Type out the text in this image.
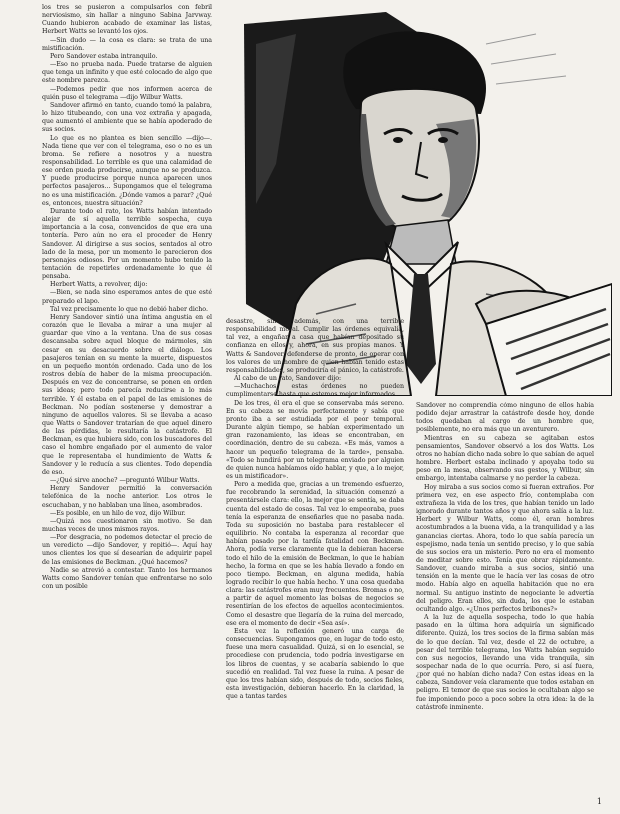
los tres se pusieron a compulsarlos con febril nerviosismo, sin hallar a ninguno Sabina Jarvway. Cuando hubieron acabado de examinar las listas, Herbert Watts se levantó los ojos.

—Sin dudo — la cosa es clara: se trata de una mistificación.

Pero Sandover estaba intranquilo.

—Eso no prueba nada. Puede tratarse de alguien que tenga un infinito y que esté colocado de algo que este nombre parezca.

—Podemos pedir que nos informen acerca de quién puso el telegrama —dijo Wilbur Watts.

Sandover afirmó en tanto, cuando tomó la palabra, lo hizo titubeando, con una voz extraña y apagada, que aumentó el ambiente que se había apoderado de sus socios.

Lo que es no plantea es bien sencillo —dijo—. Nada tiene que ver con el telegrama, eso o no es un broma. Se refiere a nosotros y a nuestra responsabilidad. Lo terrible es que una calamidad de ese orden pueda producirse, aunque no se produzca. Y puede producirse porque nunca aparecen unos perfectos pasajeros... Supongamos que el telegrama no es una mistificación. ¿Dónde vamos a parar? ¿Qué es, entonces, nuestra situación?

Durante todo el rato, los Watts habían intentado alejar de sí aquella terrible sospecha, cuya importancia a la cosa, convencidos de que era una tontería. Pero aún no era el proceder de Henry Sandover. Al dirigirse a sus socios, sentados al otro lado de la mesa, por un momento le parecieron dos personajes odiosos. Por un momento hubo tenido la tentación de repetirles ordenadamente lo que él pensaba.

Herbert Watts, a revolver, dijo:

—Bien, se nada sino esperamos antes de que esté preparado el lapo.

Tal vez precisamente lo que no debió haber dicho.

Henry Sandover sintió una íntima angustia en el corazón que le llevaba a mirar a una mujer al guardar que vino a la ventana. Una de sus cosas descansaba sobre aquel bloque de mármoles, sin cesar en su desacuerdo sobre el diálogo. Los pasajeros tenían en su mente la muerte, dispuestos en un pequeño montón ordenado. Cada uno de los rostros debía de haber de la misma preocupación. Después en vez de concentrarse, se ponen en orden sus ideas; pero todo parecía reducirse a lo más terrible. Y él estaba en el papel de las emisiones de Beckman. No podían sostenerse y demostrar a ninguno de aquellos valores. Si se llevaba a acaso que Watts o Sandover tratarían de que aquel dinero de las pérdidas, le resultaría la catástrofe. El Beckman, es que hubiera sido, con los buscadores del caso el hombre engañado por el aumento de valor que le representaba el hundimiento de Watts & Sandover y le reducía a sus clientes. Todo dependía de eso.

—¿Qué sirve anoche? —preguntó Wilbur Watts.

Henry Sandover permitió la conversación telefónica de la noche anterior. Los otros le escuchaban, y no hablaban una línea, asombrados.

—Es posible, en un hilo de voz, dijo Wilbur.

—Quizá nos cuestionaron sin motivo. Se dan muchas veces de unos mismos rayos.

—Por desgracia, no podemos detectar el precio de un veredicto —dijo Sandover, y repitió—. Aquí hay unos clientes los que sí desearían de adquirir papel de las emisiones de Beckman. ¿Qué hacemos?

Nadie se atrevió a contestar. Tanto los hermanos Watts como Sandover tenían que enfrentarse no solo con un posible

desastre, sino, además, con una terrible responsabilidad moral. Cumplir las órdenes equivalía, tal vez, a engañar a casa que habían depositado su confianza en ellos y, ahora, en sus propias manos. Y Watts & Sandover, defenderse de pronto, de operar con los valores de un hombre de quien habían tenido estas responsabilidades, se produciría el pánico, la catástrofe.

Al cabo de un rato, Sandover dijo:

—Muchachos, estas órdenes no pueden cumplimentarse hasta que estemos mejor informados.

De los tres, él era el que se conservaba más sereno. En su cabeza se movía perfectamente y sabía que pronto iba a ser estudiada por el peor temporal. Durante algún tiempo, se habían experimentado un gran razonamiento, las ideas se encontraban, en coordinación, dentro de su cabeza. «Es más, vamos a hacer un pequeño telegrama de la tarde», pensaba. «Todo se hundirá por un telegrama enviado por alguien de quien nunca habíamos oído hablar, y que, a lo mejor, es un mistificador».

Pero a medida que, gracias a un tremendo esfuerzo, fue recobrando la serenidad, la situación comenzó a presentársele clara: ello, la mejor que se sentía, se daba cuenta del estado de cosas. Tal vez lo empeoraba, pues tenía la esperanza de enseñarles que no pasaba nada. Toda su suposición no bastaba para restablecer el equilibrio. No contaba la esperanza al recordar que habían pasado por la tardía fatalidad con Beckman. Ahora, podía verse claramente que la debieran hacerse todo el hilo de la emisión de Beckman, lo que le habían hecho, la forma en que se les había llevado a fondo en poco tiempo. Beckman, en alguna medida, había logrado recibir lo que había hecho. Y una cosa quedaba clara: las catástrofes eran muy frecuentes. Bromas o no, a partir de aquel momento las bolsas de negocios se resentirían de los efectos de aquellos acontecimientos. Como el desastre que llegaría de la ruina del mercado, ese era el momento de decir «Sea así».

Esta vez la reflexión generó una carga de consecuencias. Supongamos que, en lugar de todo esto, fuese una mera casualidad. Quizá, si en lo esencial, se procediese con prudencia, todo podría investigarse en los libros de cuentas, y se acabaría sabiendo lo que sucedió en realidad. Tal vez fuese la ruina. A pesar de que los tres habían sido, después de todo, socios fieles, esta investigación, debieran hacerlo. En la claridad, la que a tantas tardes

Sandover no comprendía cómo ninguno de ellos había podido dejar arrastrar la catástrofe desde hoy, donde todos quedaban al cargo de un hombre que, posiblemente, no era más que un aventurero.

Mientras en su cabeza se agitaban estos pensamientos, Sandover observó a los dos Watts. Los otros no habían dicho nada sobre lo que sabían de aquel hombre. Herbert estaba inclinado y apoyaba todo su peso en la mesa, observando sus gestos, y Wilbur, sin embargo, intentaba calmarse y no perder la cabeza.

Hoy miraba a sus socios como si fueran extraños. Por primera vez, en ese aspecto frío, contemplaba con extrañeza la vida de los tres, que habían tenido un lado ignorado durante tantos años y que ahora salía a la luz. Herbert y Wilbur Watts, como él, eran hombres acostumbrados a la buena vida, a la tranquilidad y a las ganancias ciertas. Ahora, todo lo que sabía parecía un espejismo, nada tenía un sentido preciso, y lo que sabía de sus socios era un misterio. Pero no era el momento de meditar sobre esto. Tenía que obrar rápidamente. Sandover, cuando miraba a sus socios, sintió una tensión en la mente que le hacía ver las cosas de otro modo. Había algo en aquella habitación que no era normal. Su antiguo instinto de negociante le advertía del peligro. Eran ellos, sin duda, los que le estaban ocultando algo. «¿Unos perfectos bribones?»

A la luz de aquella sospecha, todo lo que había pasado en la última hora adquiría un significado diferente. Quizá, los tres socios de la firma sabían más de lo que decían. Tal vez, desde el 22 de octubre, a pesar del terrible telegrama, los Watts habían seguido con sus negocios, llevando una vida tranquila, sin sospechar nada de lo que ocurría. Pero, si así fuera, ¿por qué no habían dicho nada? Con estas ideas en la cabeza, Sandover veía claramente que todos estaban en peligro. El temor de que sus socios le ocultaban algo se fue imponiendo poco a poco sobre la otra idea: la de la catástrofe inminente.

1
